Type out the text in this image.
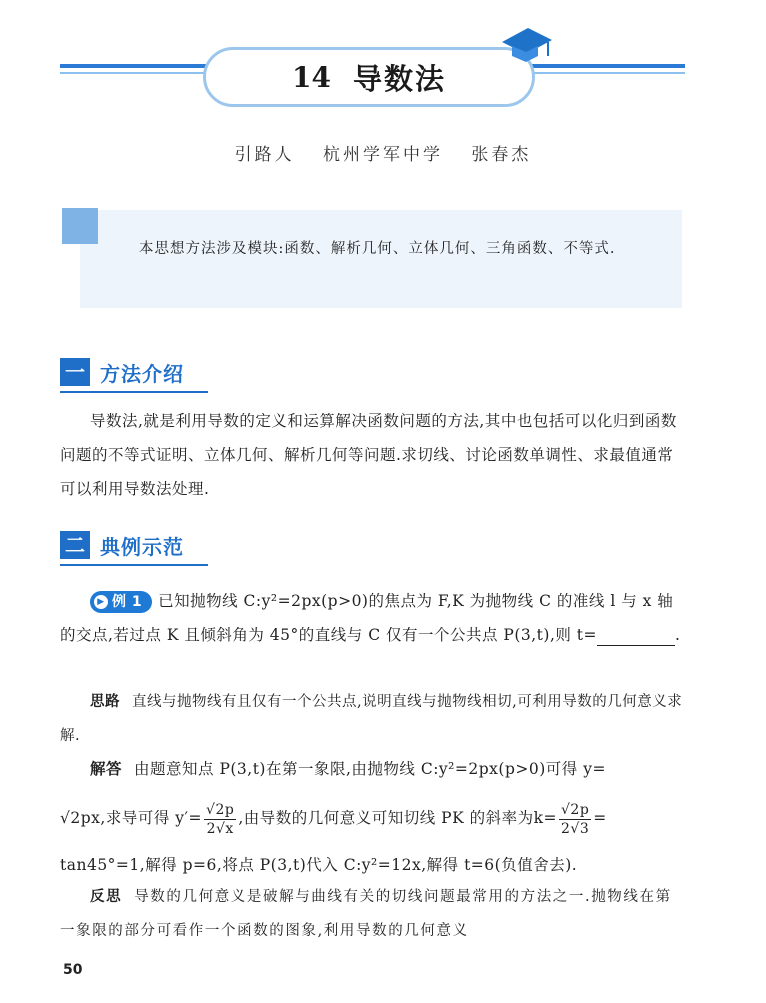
14 导数法
引路人 杭州学军中学 张春杰
本思想方法涉及模块:函数、解析几何、立体几何、三角函数、不等式.
一 方法介绍
导数法,就是利用导数的定义和运算解决函数问题的方法,其中也包括可以化归到函数问题的不等式证明、立体几何、解析几何等问题.求切线、讨论函数单调性、求最值通常可以利用导数法处理.
二 典例示范
▶ 例 1 已知抛物线 C:y²=2px(p>0)的焦点为 F,K 为抛物线 C 的准线 l 与 x 轴的交点,若过点 K 且倾斜角为 45°的直线与 C 仅有一个公共点 P(3,t),则 t=	.
思路 直线与抛物线有且仅有一个公共点,说明直线与抛物线相切,可利用导数的几何意义求解.
解答 由题意知点 P(3,t)在第一象限,由抛物线 C:y²=2px(p>0)可得 y=
√2px,求导可得 $y'= \frac{√2p}{2√x}$ ,由导数的几何意义可知切线 PK 的斜率为$k= \frac{√2p}{2√3}$ =
tan45°=1,解得 p=6,将点 P(3,t)代入 C:y²=12x,解得 t=6(负值舍去).
反思 导数的几何意义是破解与曲线有关的切线问题最常用的方法之一.抛物线在第一象限的部分可看作一个函数的图象,利用导数的几何意义
50
